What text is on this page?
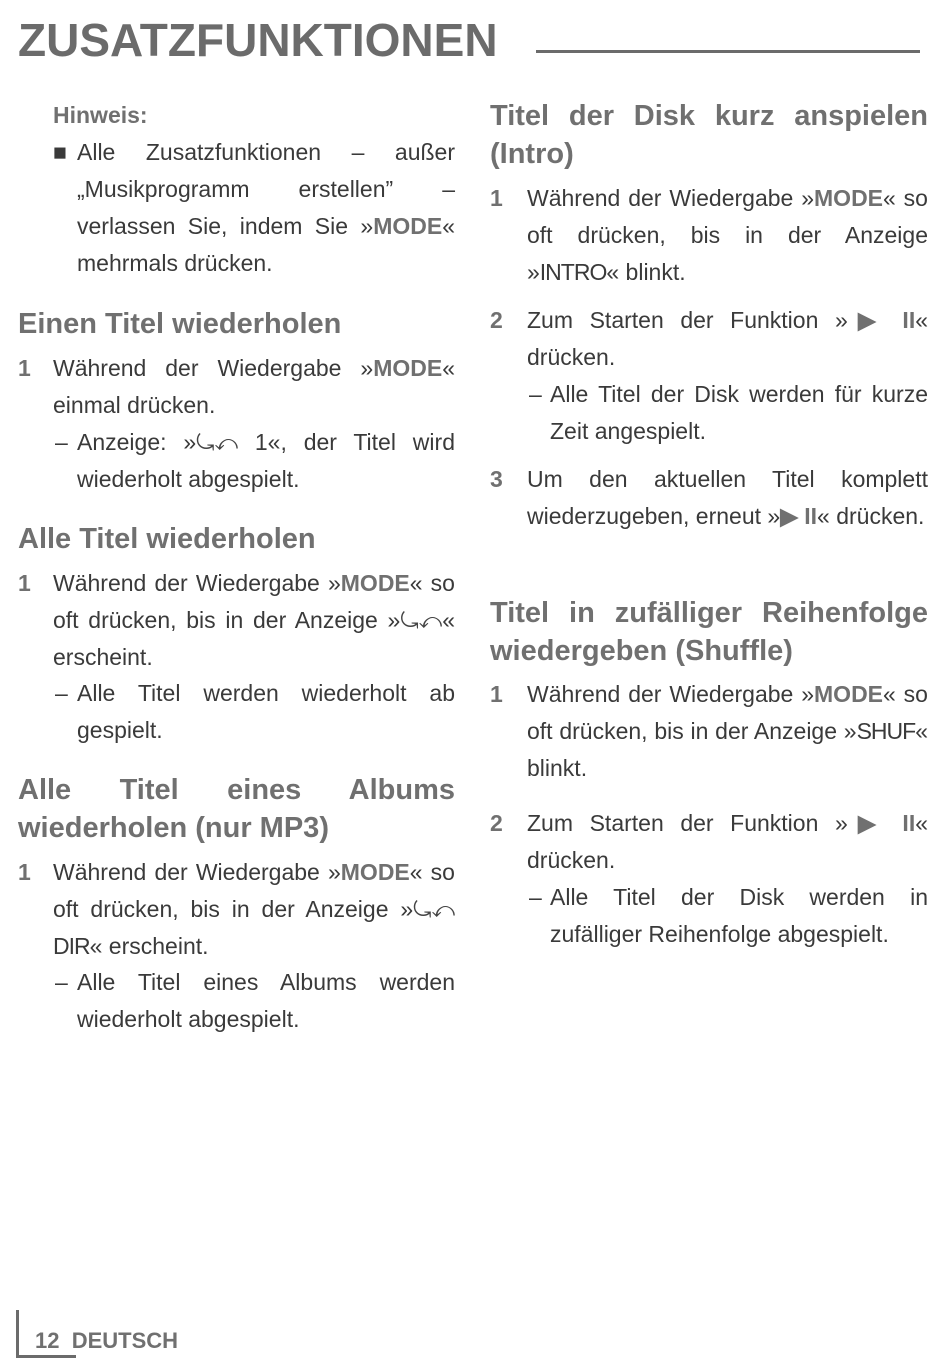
ZUSATZFUNKTIONEN
Hinweis:
■ Alle Zusatzfunktionen – außer „Musikprogramm erstellen” – verlassen Sie, indem Sie »MODE« mehrmals drücken.
Einen Titel wiederholen
1 Während der Wiedergabe »MODE« einmal drücken.
– Anzeige: »⤿↶ 1«, der Titel wird wiederholt abgespielt.
Alle Titel wiederholen
1 Während der Wiedergabe »MODE« so oft drücken, bis in der Anzeige »⤿↶« erscheint.
– Alle Titel werden wiederholt ab gespielt.
Alle Titel eines Albums wiederholen (nur MP3)
1 Während der Wiedergabe »MODE« so oft drücken, bis in der Anzeige »⤿↶ DIR« erscheint.
– Alle Titel eines Albums werden wiederholt abgespielt.
Titel der Disk kurz anspielen (Intro)
1 Während der Wiedergabe »MODE« so oft drücken, bis in der Anzeige »INTRO« blinkt.
2 Zum Starten der Funktion »▶ II« drücken.
– Alle Titel der Disk werden für kurze Zeit angespielt.
3 Um den aktuellen Titel komplett wiederzugeben, erneut »▶ II« drücken.
Titel in zufälliger Reihenfolge wiedergeben (Shuffle)
1 Während der Wiedergabe »MODE« so oft drücken, bis in der Anzeige »SHUF« blinkt.
2 Zum Starten der Funktion »▶ II« drücken.
– Alle Titel der Disk werden in zufälliger Reihenfolge abgespielt.
12 DEUTSCH
